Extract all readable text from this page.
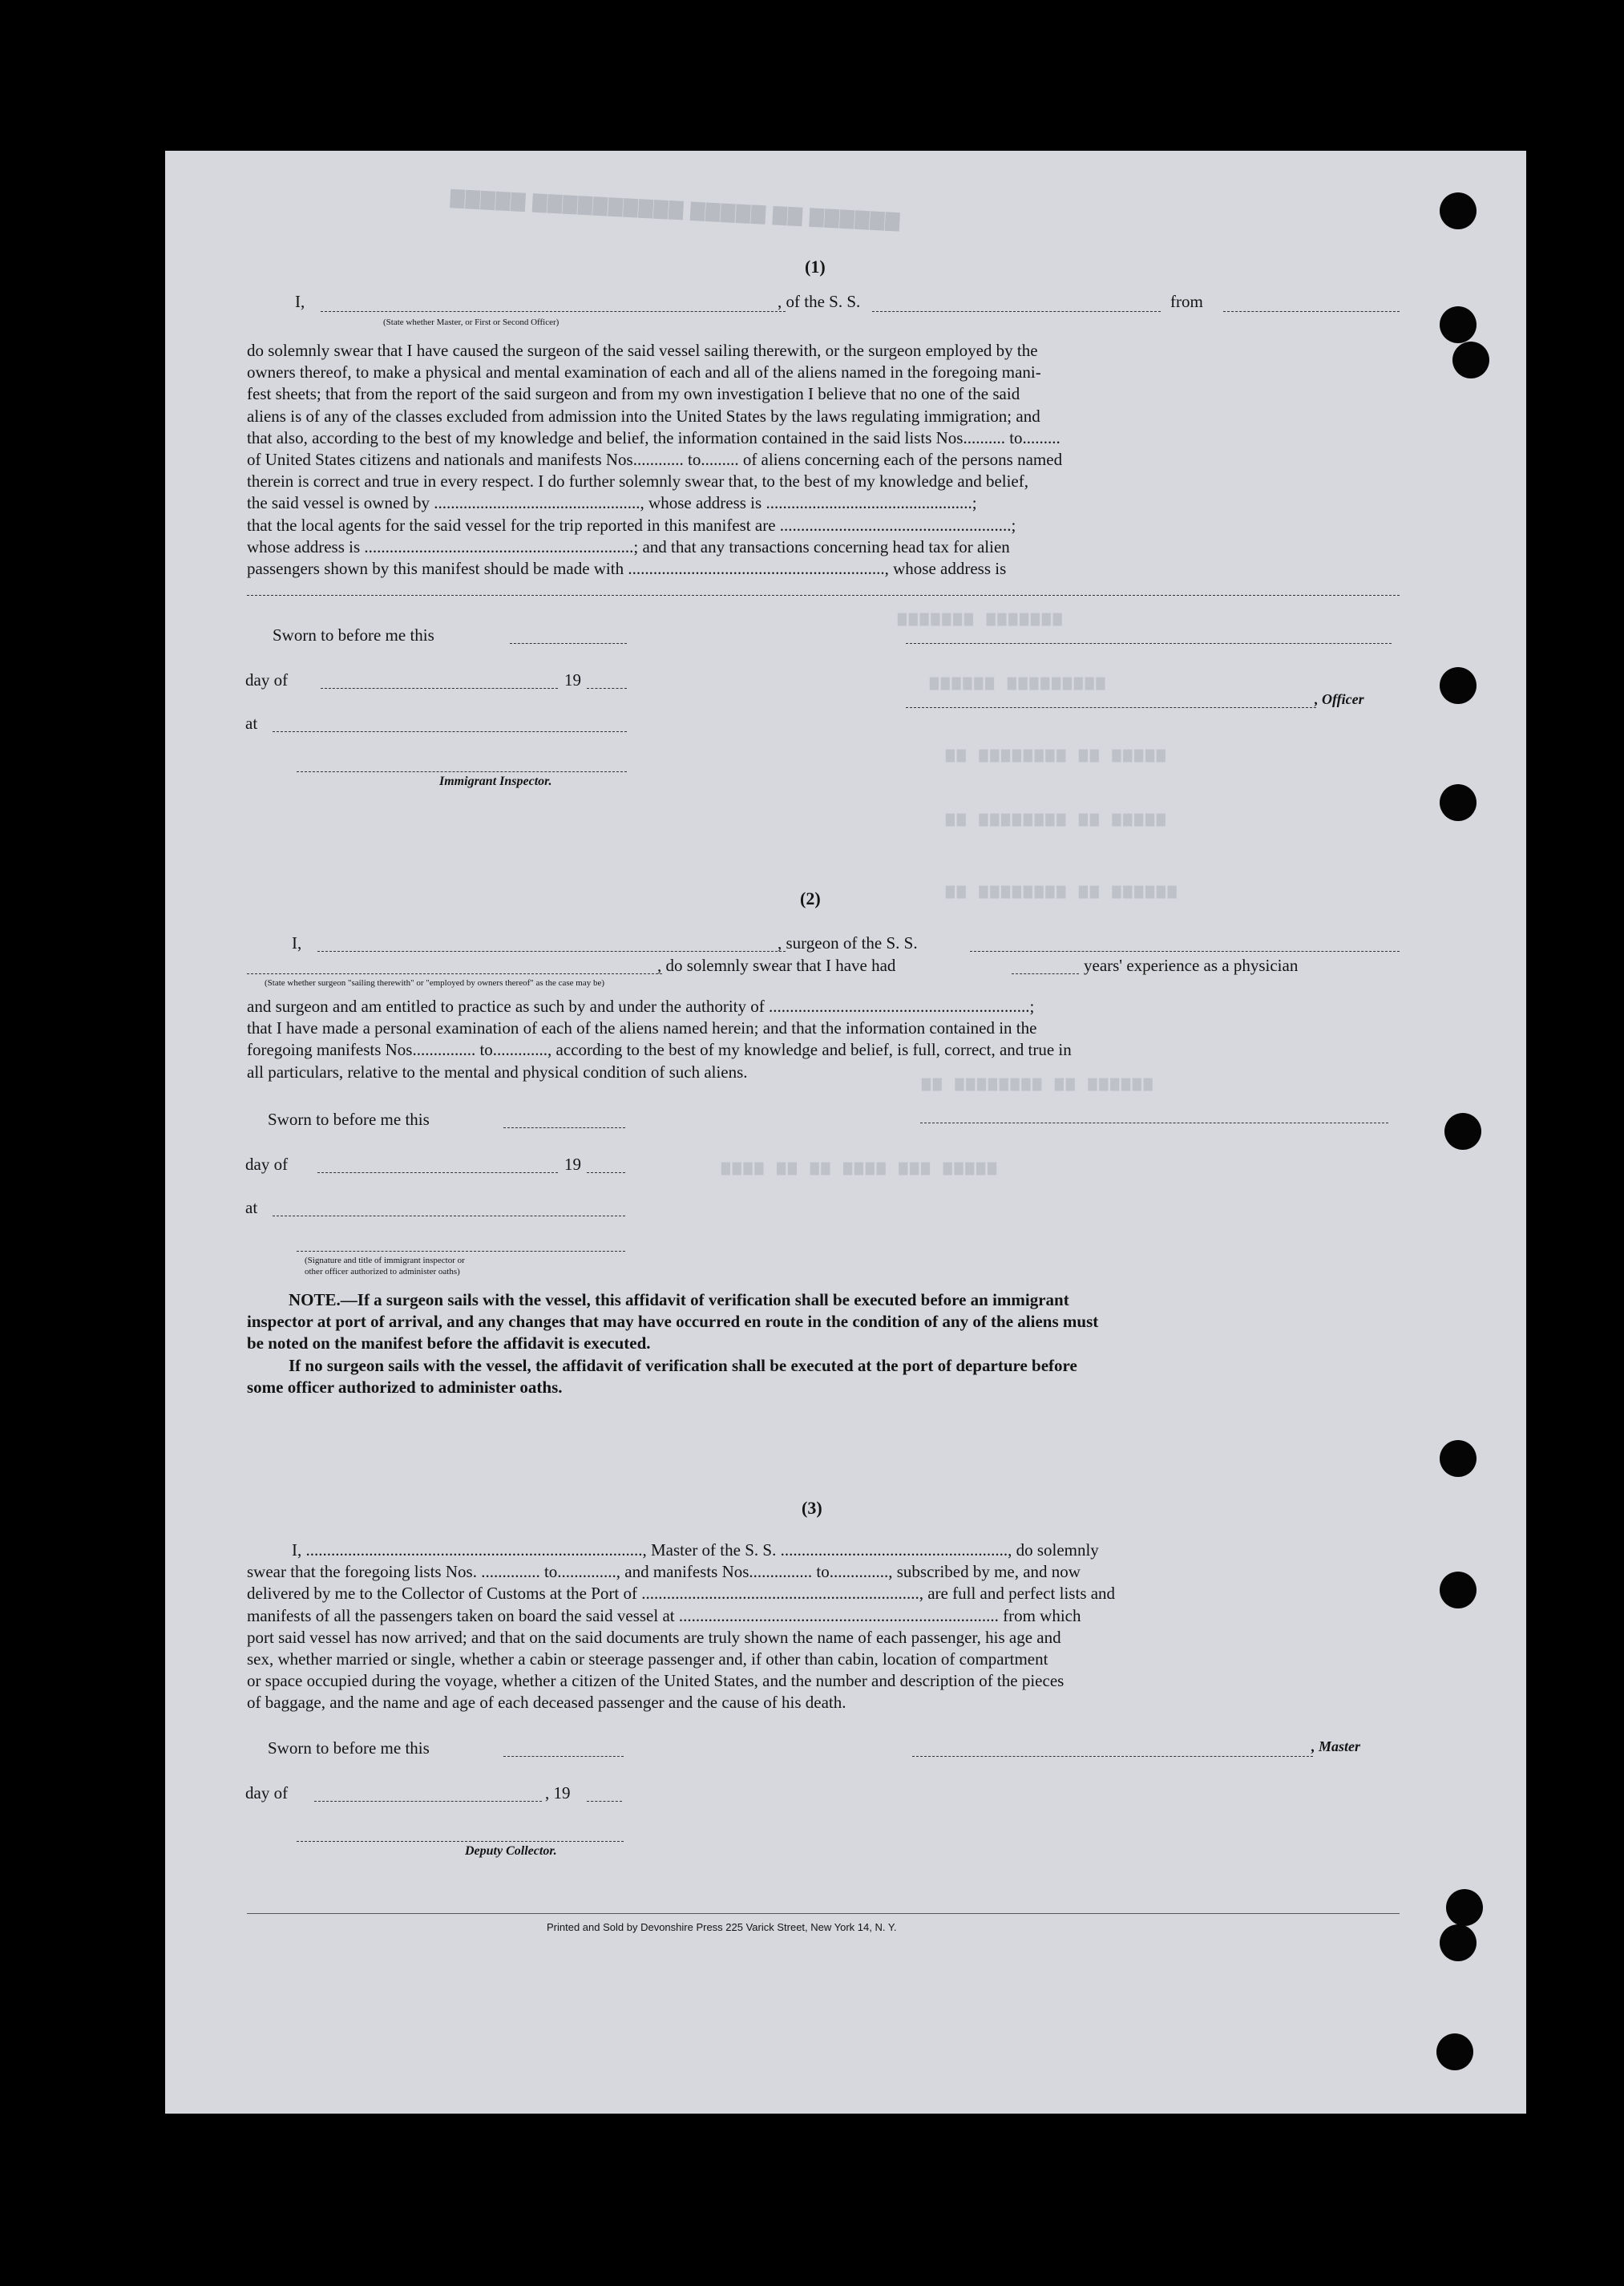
▇▇▇▇▇▇ ▇▇ ▇▇▇▇▇ ▇▇▇▇▇▇▇▇▇▇ ▇▇▇▇▇
▆▆▆▆▆▆▆ ▆▆▆▆▆▆▆
▆▆▆▆▆▆ ▆▆▆▆▆▆▆▆▆
▆▆ ▆▆▆▆▆▆▆▆ ▆▆ ▆▆▆▆▆
▆▆ ▆▆▆▆▆▆▆▆ ▆▆ ▆▆▆▆▆
▆▆ ▆▆▆▆▆▆▆▆ ▆▆ ▆▆▆▆▆▆
▆▆ ▆▆▆▆▆▆▆▆ ▆▆ ▆▆▆▆▆▆
▆▆▆▆ ▆▆ ▆▆ ▆▆▆▆ ▆▆▆ ▆▆▆▆▆
(1)
I,	, of the S. S.	from
(State whether Master, or First or Second Officer)
do solemnly swear that I have caused the surgeon of the said vessel sailing therewith, or the surgeon employed by the
owners thereof, to make a physical and mental examination of each and all of the aliens named in the foregoing mani-
fest sheets; that from the report of the said surgeon and from my own investigation I believe that no one of the said
aliens is of any of the classes excluded from admission into the United States by the laws regulating immigration; and
that also, according to the best of my knowledge and belief, the information contained in the said lists Nos.......... to.........
of United States citizens and nationals and manifests Nos............ to......... of aliens concerning each of the persons named
therein is correct and true in every respect. I do further solemnly swear that, to the best of my knowledge and belief,
the said vessel is owned by ................................................., whose address is .................................................;
that the local agents for the said vessel for the trip reported in this manifest are .......................................................;
whose address is ................................................................; and that any transactions concerning head tax for alien
passengers shown by this manifest should be made with ............................................................., whose address is
Sworn to before me this
day of	19
at
, Officer
Immigrant Inspector.
(2)
I,	, surgeon of the S. S.
, do solemnly swear that I have had	years' experience as a physician
(State whether surgeon "sailing therewith" or "employed by owners thereof" as the case may be)
and surgeon and am entitled to practice as such by and under the authority of ..............................................................;
that I have made a personal examination of each of the aliens named herein; and that the information contained in the
foregoing manifests Nos............... to............., according to the best of my knowledge and belief, is full, correct, and true in
all particulars, relative to the mental and physical condition of such aliens.
Sworn to before me this
day of	19
at
(Signature and title of immigrant inspector or
other officer authorized to administer oaths)
NOTE.—If a surgeon sails with the vessel, this affidavit of verification shall be executed before an immigrant
inspector at port of arrival, and any changes that may have occurred en route in the condition of any of the aliens must
be noted on the manifest before the affidavit is executed.
If no surgeon sails with the vessel, the affidavit of verification shall be executed at the port of departure before
some officer authorized to administer oaths.
(3)
I, ................................................................................, Master of the S. S. ......................................................, do solemnly
swear that the foregoing lists Nos. .............. to.............., and manifests Nos............... to.............., subscribed by me, and now
delivered by me to the Collector of Customs at the Port of .................................................................., are full and perfect lists and
manifests of all the passengers taken on board the said vessel at ............................................................................ from which
port said vessel has now arrived; and that on the said documents are truly shown the name of each passenger, his age and
sex, whether married or single, whether a cabin or steerage passenger and, if other than cabin, location of compartment
or space occupied during the voyage, whether a citizen of the United States, and the number and description of the pieces
of baggage, and the name and age of each deceased passenger and the cause of his death.
Sworn to before me this	, Master
day of	, 19
Deputy Collector.
Printed and Sold by Devonshire Press 225 Varick Street, New York 14, N. Y.
